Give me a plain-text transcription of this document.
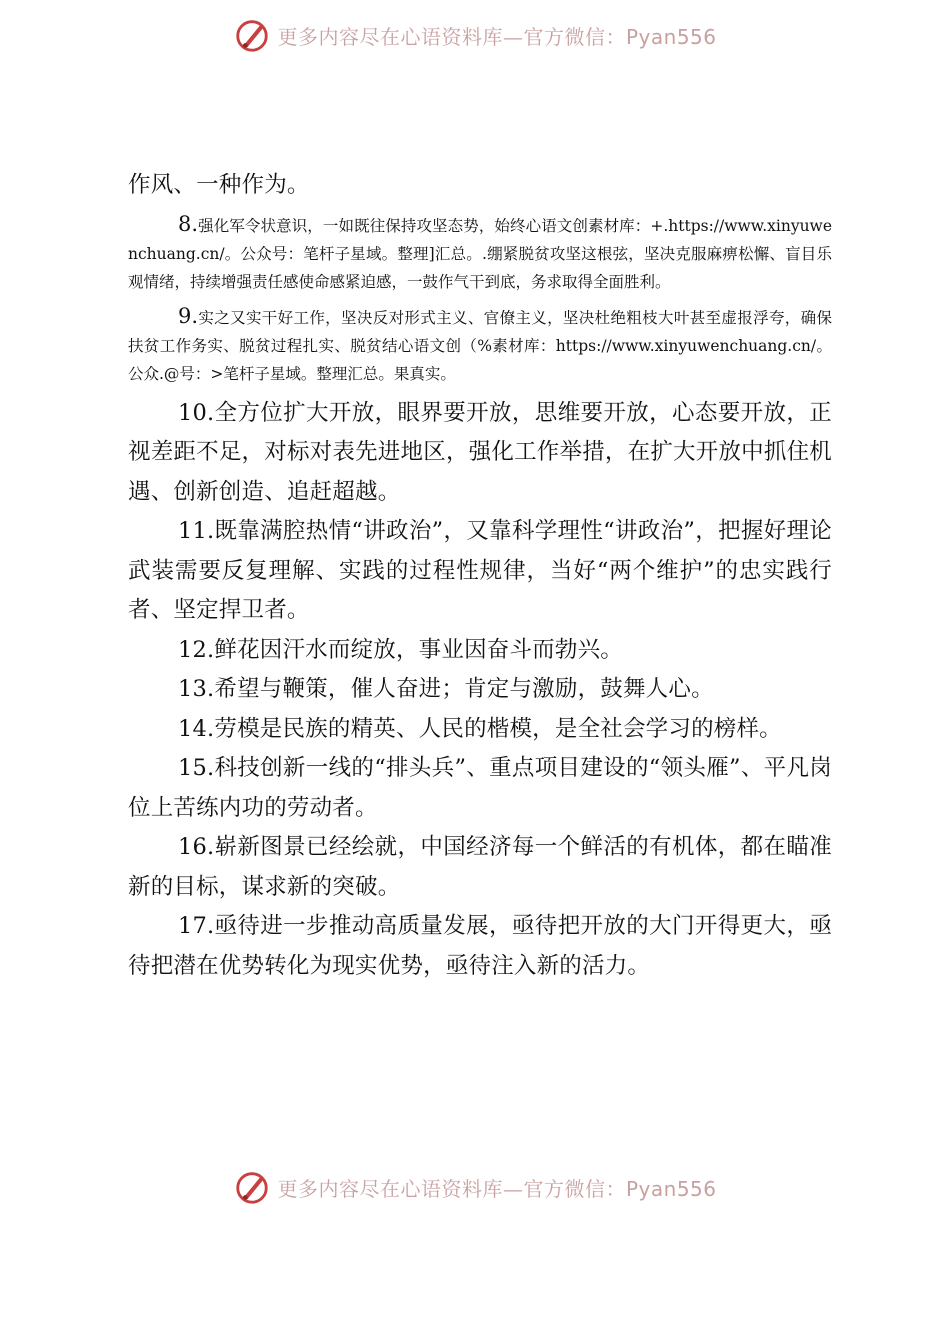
更多内容尽在心语资料库—官方微信：Pyan556

作风、一种作为。

8.强化军令状意识，一如既往保持攻坚态势，始终心语文创素材库：+.https://www.xinyuwenchuang.cn/。公众号：笔杆子星域。整理]汇总。.绷紧脱贫攻坚这根弦，坚决克服麻痹松懈、盲目乐观情绪，持续增强责任感使命感紧迫感，一鼓作气干到底，务求取得全面胜利。

9.实之又实干好工作，坚决反对形式主义、官僚主义，坚决杜绝粗枝大叶甚至虚报浮夸，确保扶贫工作务实、脱贫过程扎实、脱贫结心语文创（%素材库：https://www.xinyuwenchuang.cn/。公众.@号：>笔杆子星域。整理汇总。果真实。

10.全方位扩大开放，眼界要开放，思维要开放，心态要开放，正视差距不足，对标对表先进地区，强化工作举措，在扩大开放中抓住机遇、创新创造、追赶超越。

11.既靠满腔热情“讲政治”，又靠科学理性“讲政治”，把握好理论武装需要反复理解、实践的过程性规律，当好“两个维护”的忠实践行者、坚定捍卫者。

12.鲜花因汗水而绽放，事业因奋斗而勃兴。

13.希望与鞭策，催人奋进；肯定与激励，鼓舞人心。

14.劳模是民族的精英、人民的楷模，是全社会学习的榜样。

15.科技创新一线的“排头兵”、重点项目建设的“领头雁”、平凡岗位上苦练内功的劳动者。

16.崭新图景已经绘就，中国经济每一个鲜活的有机体，都在瞄准新的目标，谋求新的突破。

17.亟待进一步推动高质量发展，亟待把开放的大门开得更大，亟待把潜在优势转化为现实优势，亟待注入新的活力。

更多内容尽在心语资料库—官方微信：Pyan556
